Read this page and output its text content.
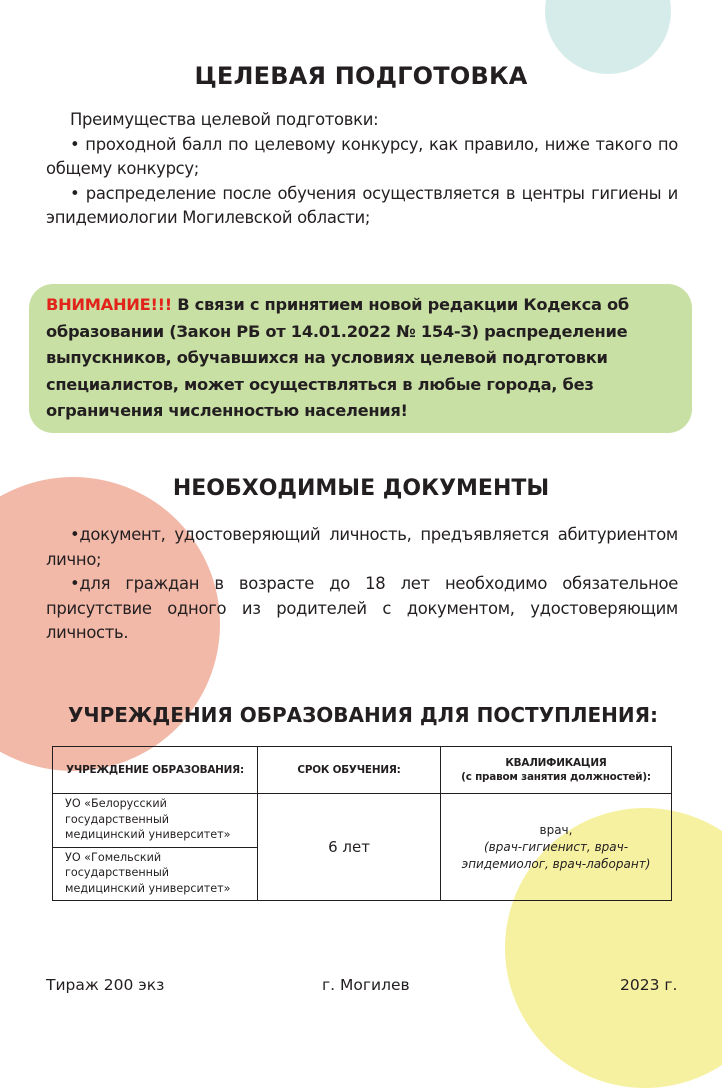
ЦЕЛЕВАЯ ПОДГОТОВКА

Преимущества целевой подготовки:

• проходной балл по целевому конкурсу, как правило, ниже такого по общему конкурсу;

• распределение после обучения осуществляется в центры гигиены и эпидемиологии Могилевской области;

ВНИМАНИЕ!!! В связи с принятием новой редакции Кодекса об образовании (Закон РБ от 14.01.2022 № 154-З) распределение выпускников, обучавшихся на условиях целевой подготовки специалистов, может осуществляться в любые города, без ограничения численностью населения!
НЕОБХОДИМЫЕ ДОКУМЕНТЫ

•документ, удостоверяющий личность, предъявляется абитуриентом лично;

•для граждан в возрасте до 18 лет необходимо обязательное присутствие одного из родителей с документом, удостоверяющим личность.

УЧРЕЖДЕНИЯ ОБРАЗОВАНИЯ ДЛЯ ПОСТУПЛЕНИЯ:
УЧРЕЖДЕНИЕ ОБРАЗОВАНИЯ:	СРОК ОБУЧЕНИЯ:	КВАЛИФИКАЦИЯ
(с правом занятия должностей):

УО «Белорусский государственный медицинский университет»	6 лет	врач,
(врач-гигиенист, врач-эпидемиолог, врач-лаборант)

УО «Гомельский государственный медицинский университет»		
Тираж 200 экз	г. Могилев	2023 г.
